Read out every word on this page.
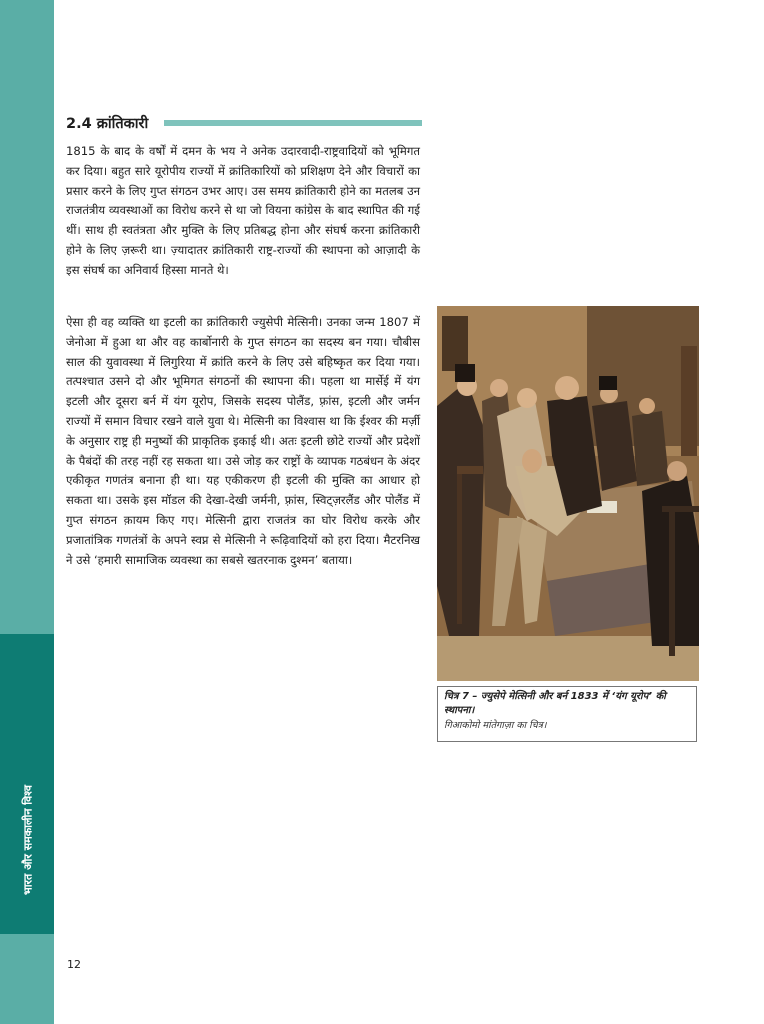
भारत और समकालीन विश्व
2.4 क्रांतिकारी

1815 के बाद के वर्षों में दमन के भय ने अनेक उदारवादी-राष्ट्रवादियों को भूमिगत कर दिया। बहुत सारे यूरोपीय राज्यों में क्रांतिकारियों को प्रशिक्षण देने और विचारों का प्रसार करने के लिए गुप्त संगठन उभर आए। उस समय क्रांतिकारी होने का मतलब उन राजतंत्रीय व्यवस्थाओं का विरोध करने से था जो वियना कांग्रेस के बाद स्थापित की गई थीं। साथ ही स्वतंत्रता और मुक्ति के लिए प्रतिबद्ध होना और संघर्ष करना क्रांतिकारी होने के लिए ज़रूरी था। ज़्यादातर क्रांतिकारी राष्ट्र-राज्यों की स्थापना को आज़ादी के इस संघर्ष का अनिवार्य हिस्सा मानते थे।

ऐसा ही वह व्यक्ति था इटली का क्रांतिकारी ज्युसेपी मेत्सिनी। उनका जन्म 1807 में जेनोआ में हुआ था और वह कार्बोनारी के गुप्त संगठन का सदस्य बन गया। चौबीस साल की युवावस्था में लिगुरिया में क्रांति करने के लिए उसे बहिष्कृत कर दिया गया। तत्पश्चात उसने दो और भूमिगत संगठनों की स्थापना की। पहला था मार्सेई में यंग इटली और दूसरा बर्न में यंग यूरोप, जिसके सदस्य पोलैंड, फ़्रांस, इटली और जर्मन राज्यों में समान विचार रखने वाले युवा थे। मेत्सिनी का विश्वास था कि ईश्वर की मर्ज़ी के अनुसार राष्ट्र ही मनुष्यों की प्राकृतिक इकाई थी। अतः इटली छोटे राज्यों और प्रदेशों के पैबंदों की तरह नहीं रह सकता था। उसे जोड़ कर राष्ट्रों के व्यापक गठबंधन के अंदर एकीकृत गणतंत्र बनाना ही था। यह एकीकरण ही इटली की मुक्ति का आधार हो सकता था। उसके इस मॉडल की देखा-देखी जर्मनी, फ़्रांस, स्विट्ज़रलैंड और पोलैंड में गुप्त संगठन क़ायम किए गए। मेत्सिनी द्वारा राजतंत्र का घोर विरोध करके और प्रजातांत्रिक गणतंत्रों के अपने स्वप्न से मेत्सिनी ने रूढ़िवादियों को हरा दिया। मैटरनिख ने उसे ‘हमारी सामाजिक व्यवस्था का सबसे खतरनाक दुश्मन’ बताया।

चित्र 7 – ज्युसेपे मेत्सिनी और बर्न 1833 में ‘यंग यूरोप’ की स्थापना।
गिआकोमो मांतेगाज़ा का चित्र।
12
